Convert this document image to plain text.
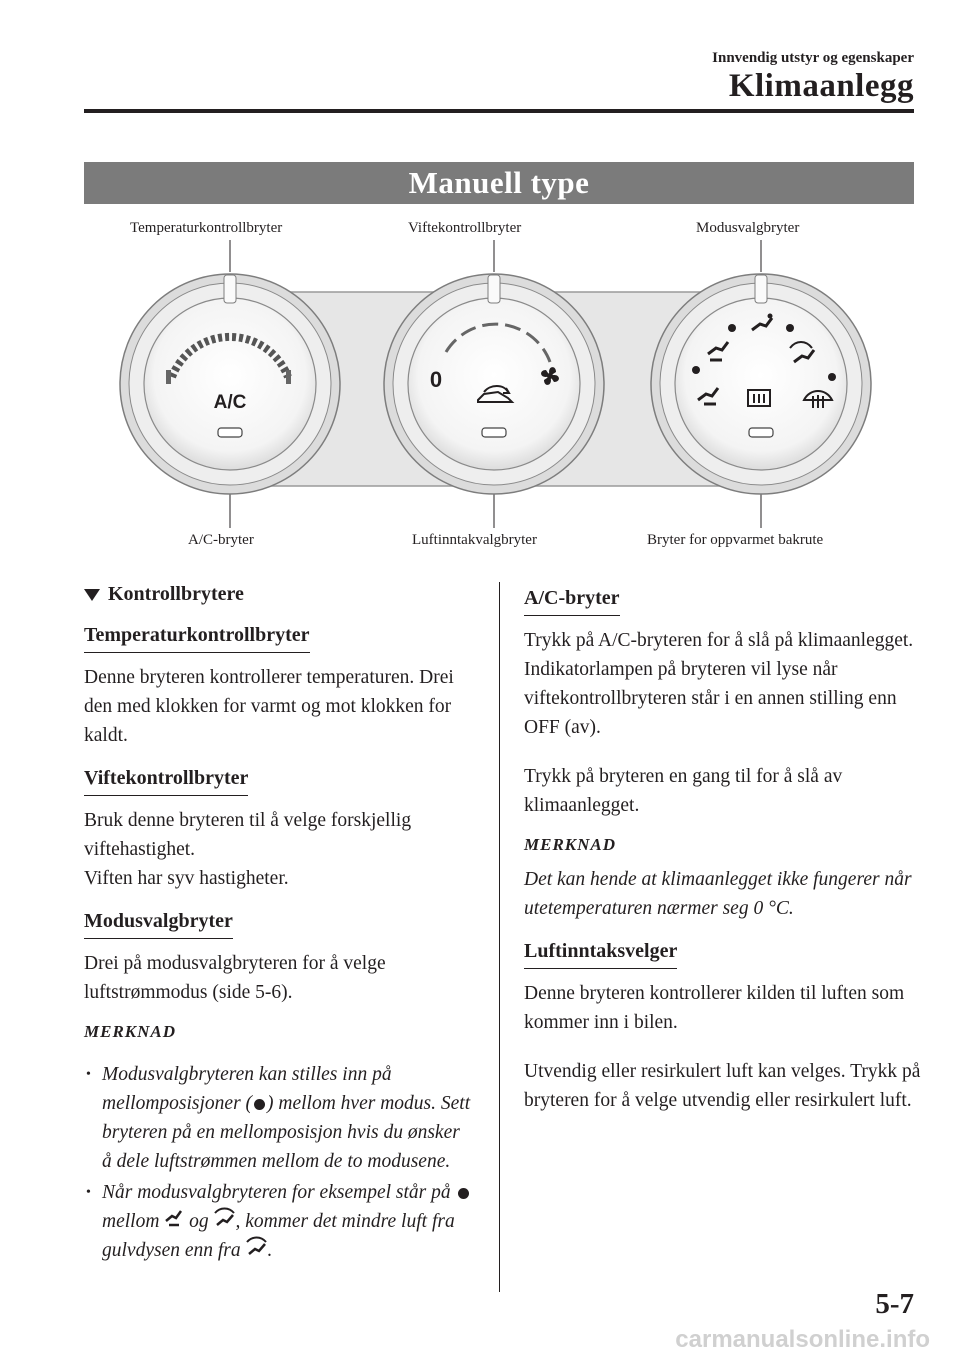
Innvendig utstyr og egenskaper
Klimaanlegg
Manuell type
Temperaturkontrollbryter	Viftekontrollbryter	Modusvalgbryter
A/C-bryter	Luftinntakvalgbryter	Bryter for oppvarmet bakrute
A/C
0
Kontrollbrytere
Temperaturkontrollbryter

Denne bryteren kontrollerer temperaturen. Drei den med klokken for varmt og mot klokken for kaldt.

Viftekontrollbryter

Bruk denne bryteren til å velge forskjellig viftehastighet.

Viften har syv hastigheter.

Modusvalgbryter

Drei på modusvalgbryteren for å velge luftstrømmodus (side 5-6).

MERKNAD
• Modusvalgbryteren kan stilles inn på mellomposisjoner ( ) mellom hver modus. Sett bryteren på en mellomposisjon hvis du ønsker å dele luftstrømmen mellom de to modusene.
• Når modusvalgbryteren for eksempel står på  mellom og , kommer det mindre luft fra gulvdysen enn fra .
A/C-bryter

Trykk på A/C-bryteren for å slå på klimaanlegget. Indikatorlampen på bryteren vil lyse når viftekontrollbryteren står i en annen stilling enn OFF (av).

Trykk på bryteren en gang til for å slå av klimaanlegget.

MERKNAD

Det kan hende at klimaanlegget ikke fungerer når utetemperaturen nærmer seg 0 °C.

Luftinntaksvelger

Denne bryteren kontrollerer kilden til luften som kommer inn i bilen.

Utvendig eller resirkulert luft kan velges. Trykk på bryteren for å velge utvendig eller resirkulert luft.

5-7
carmanualsonline.info
